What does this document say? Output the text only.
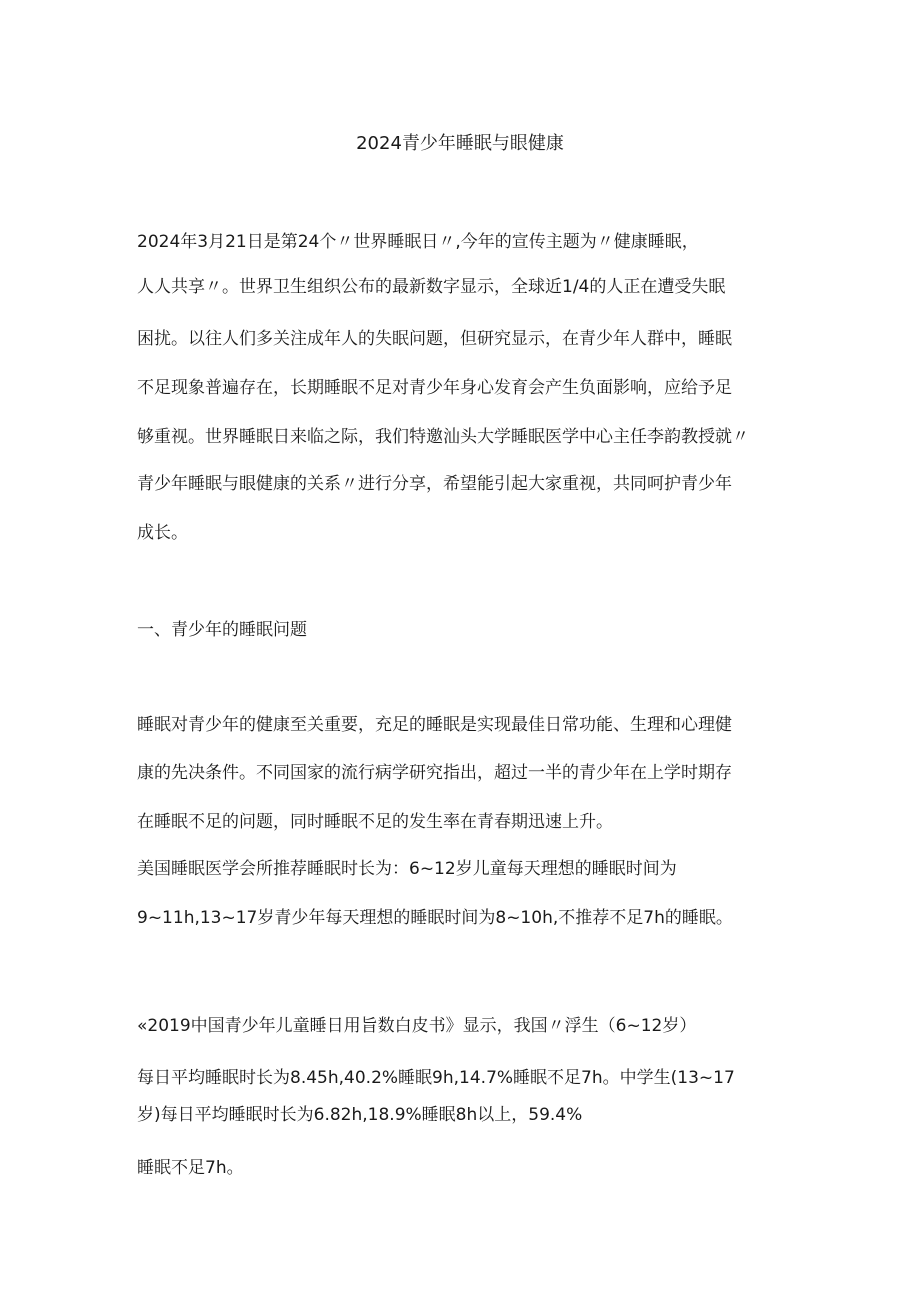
2024青少年睡眠与眼健康
2024年3月21日是第24个〃世界睡眠日〃,今年的宣传主题为〃健康睡眠，
人人共享〃。世界卫生组织公布的最新数字显示，全球近1/4的人正在遭受失眠
困扰。以往人们多关注成年人的失眠问题，但研究显示，在青少年人群中，睡眠
不足现象普遍存在，长期睡眠不足对青少年身心发育会产生负面影响，应给予足
够重视。世界睡眠日来临之际，我们特邀汕头大学睡眠医学中心主任李韵教授就〃
青少年睡眠与眼健康的关系〃进行分享，希望能引起大家重视，共同呵护青少年
成长。
一、青少年的睡眠问题
睡眠对青少年的健康至关重要，充足的睡眠是实现最佳日常功能、生理和心理健
康的先决条件。不同国家的流行病学研究指出，超过一半的青少年在上学时期存
在睡眠不足的问题，同时睡眠不足的发生率在青春期迅速上升。
美国睡眠医学会所推荐睡眠时长为：6~12岁儿童每天理想的睡眠时间为
9~11h,13~17岁青少年每天理想的睡眠时间为8~10h,不推荐不足7h的睡眠。
«2019中国青少年儿童睡日用旨数白皮书》显示，我国〃浮生（6~12岁）
每日平均睡眠时长为8.45h,40.2%睡眠9h,14.7%睡眠不足7h。中学生(13~17
岁)每日平均睡眠时长为6.82h,18.9%睡眠8h以上，59.4%
睡眠不足7h。
